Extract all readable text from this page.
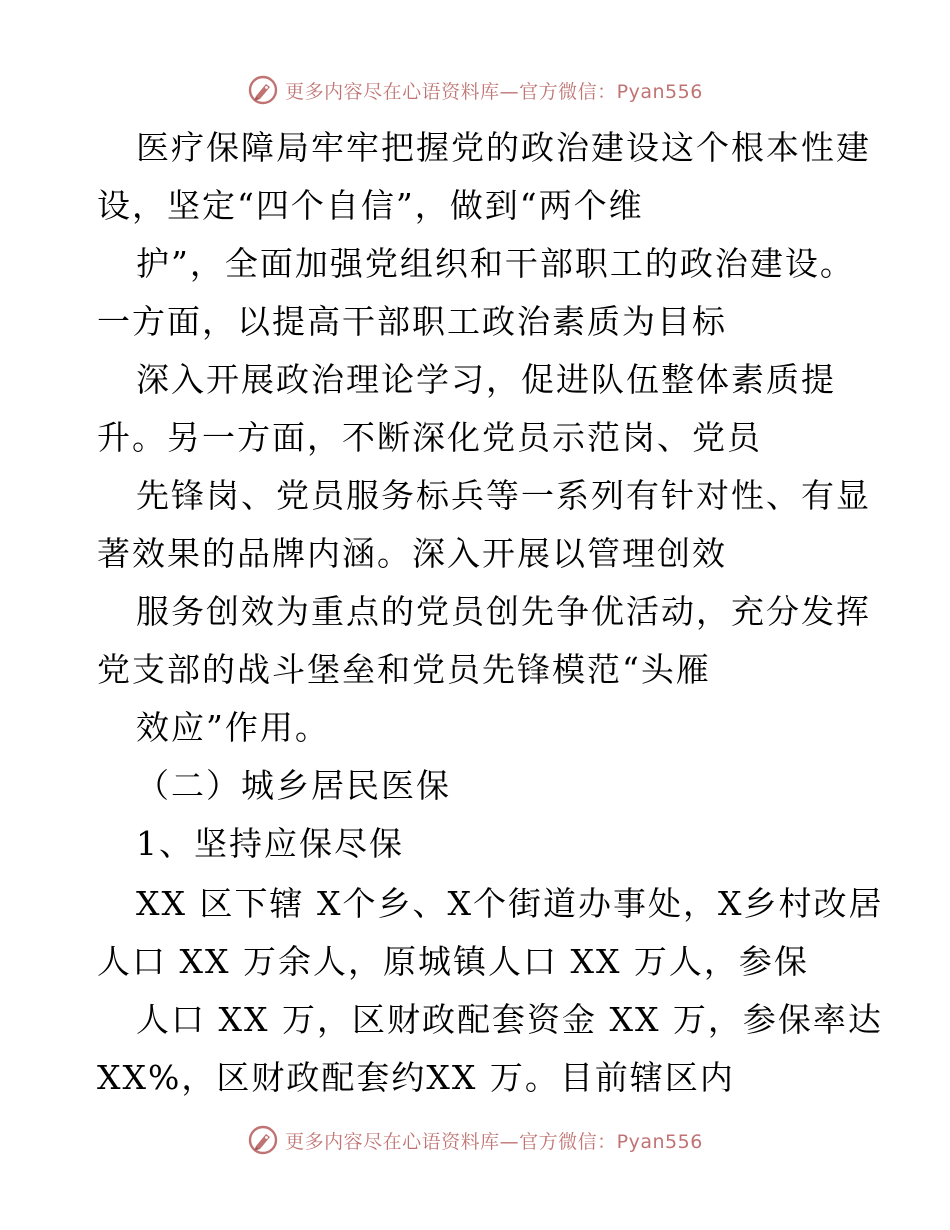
更多内容尽在心语资料库—官方微信：Pyan556
医疗保障局牢牢把握党的政治建设这个根本性建
设，坚定“四个自信”，做到“两个维
护”，全面加强党组织和干部职工的政治建设。
一方面，以提高干部职工政治素质为目标
深入开展政治理论学习，促进队伍整体素质提
升。另一方面，不断深化党员示范岗、党员
先锋岗、党员服务标兵等一系列有针对性、有显
著效果的品牌内涵。深入开展以管理创效
服务创效为重点的党员创先争优活动，充分发挥
党支部的战斗堡垒和党员先锋模范“头雁
效应”作用。
（二）城乡居民医保
1、坚持应保尽保
XX 区下辖 X个乡、X个街道办事处，X乡村改居
人口 XX 万余人，原城镇人口 XX 万人，参保
人口 XX 万，区财政配套资金 XX 万，参保率达
XX%，区财政配套约XX 万。目前辖区内
更多内容尽在心语资料库—官方微信：Pyan556
